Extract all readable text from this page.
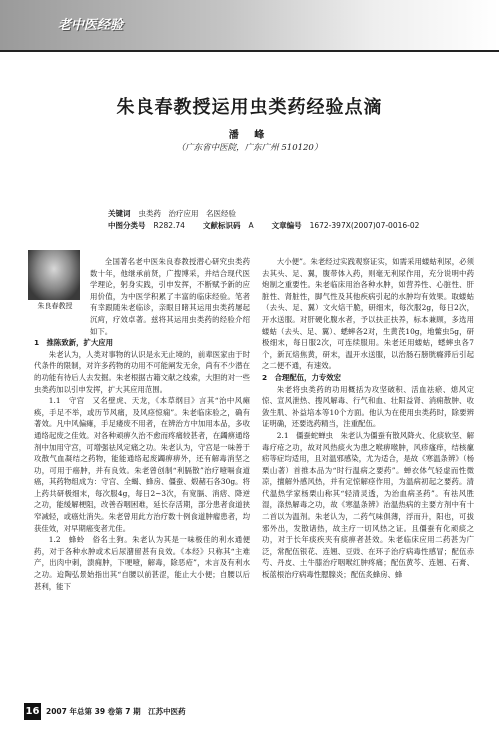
老中医经验
朱良春教授运用虫类药经验点滴
潘 峰
（广东省中医院，广东广州 510120）
关键词 虫类药　治疗应用　名医经验
中图分类号 R282.74 文献标识码 A 文章编号 1672-397X(2007)07-0016-02
朱良春教授

全国著名老中医朱良春教授潜心研究虫类药数十年，他继承前贤，广搜博采，并结合现代医学理论，躬身实践，引申发挥，不断赋予新的应用价值，为中医学积累了丰富的临床经验。笔者有幸跟随朱老临诊，亲眼目睹其运用虫类药屡起沉疴，疗效卓著。兹将其运用虫类药的经验介绍如下。

1　推陈致新，扩大应用

朱老认为，人类对事物的认识是永无止境的，前辈医家由于时代条件的限制，对许多药物的功用不可能阐发无余，尚有不少潜在的功能有待后人去发掘。朱老根据古籍文献之线索，大胆的对一些虫类药加以引申发挥，扩大其应用范围。

1.1　守宫　又名壁虎、天龙，《本草纲目》言其“治中风瘫痪，手足不举，或历节风痛，及风痉惊痫”。朱老临床验之，确有著效。凡中风偏瘫，手足痿废不用者，在辨治方中加用本品，多收通络起废之佳效。对各种顽痹久治不愈而疼痛较甚者，在蠲痹通络剂中加用守宫，可增强祛风定痛之功。朱老认为，守宫是一味善于攻散气血凝结之药物，能能通络起废蠲痹痹外，还有解毒消坚之功，可用于癌肿，并有良效。朱老曾创制“利膈散”治疗噎嗝食道癌，其药物组成为：守宫、全蝎、蜂房、僵蚕、煅赭石各30g。将上药共研极细末，每次服4g，每日2~3次，有宽膈、消痞、降逆之功，能缓解梗阻，改善吞咽困难，延长存活期，部分患者食道狭窄减轻，或癌灶消失。朱老曾用此方治疗数十例食道肿瘤患者，均获佳效，对早期癌变者尤佳。

1.2　蜂蛉　俗名土狗。朱老认为其是一味极佳的利水通便药，对于各种水肿或术后尿潴留甚有良效。《本经》只称其“主难产，出肉中刺，溃痈肿，下哽噎，解毒，除恶疮”，未言及有利水之功。迨陶弘景始指出其“自腰以前甚涩，能止大小便；自腰以后甚利，能下

大小便”。朱老经过实践观察证实，如需采用蝼蛄利尿，必须去其头、足、翼，腹带体入药，则毫无利尿作用，充分说明中药炮制之重要性。朱老临床用治各种水肿，如营养性、心脏性、肝脏性、肾脏性，脚气性及其他疾病引起的水肿均有效果。取蝼蛄（去头、足、翼）文火焙干脆，研细末，每次服2g，每日2次，开水送服。对肝硬化腹水者，予以扶正扶养，标本兼顾，多选用蝼蛄（去头、足、翼）、蟋蟀各2对，生黄芪10g，地鳖虫5g，研极细末，每日服2次，可连续服用。朱老还用蝼蛄，蟋蟀虫各7个，新瓦焙焦黄，研末，温开水送服，以治肠石膀胱癃滞后引起之二便不通，有速效。

2　合理配伍，力专效宏

朱老将虫类药的功用概括为攻坚破积、活血祛瘀、熄风定惊、宣风泄热、搜风解毒、行气和血、壮阳益肾、消痈散肿、收敛生肌、补益培本等10个方面。他认为在使用虫类药时，除要辨证明确，还要选药精当，注重配伍。

2.1　僵蚕蛇蝉虫　朱老认为僵蚕有散风降火、化痰软坚、解毒疗疮之功，故对风热痰火为患之喉痹喉肿，风疹瘙痒，结核瘰疬等症均适用，且对温邪感染，尤为适合，是故《寒温条辨》（杨栗山著）首推本品为“时行温病之要药”。蝉衣体气轻虚而性微凉，擅解外感风热，并有定惊解痉作用，为温病初起之要药。清代温热学家杨栗山称其“轻清灵透，为治血病圣药”。有祛风胜湿，涤热解毒之功，故《寒温条辨》治温热病的主要方剂中有十二首以为温剂。朱老认为，二药气味俱薄，浮而升，阳也，可拔邪外出，发散诸热，故主疗一切风热之证。且僵蚕有化顽痰之功，对于长年痰疾夹有痰痹者甚效。朱老临床应用二药甚为广泛，常配伍银花、连翘、豆豉、在环子治疗病毒性感冒；配伍赤芍、丹皮、土牛膝治疗咽喉红肿疼痛；配伍黄芩、连翘、石膏、板蓝根治疗病毒性腮腺炎；配伍炙蜂房、蜂

16 2007 年总第 39 卷第 7 期　江苏中医药
